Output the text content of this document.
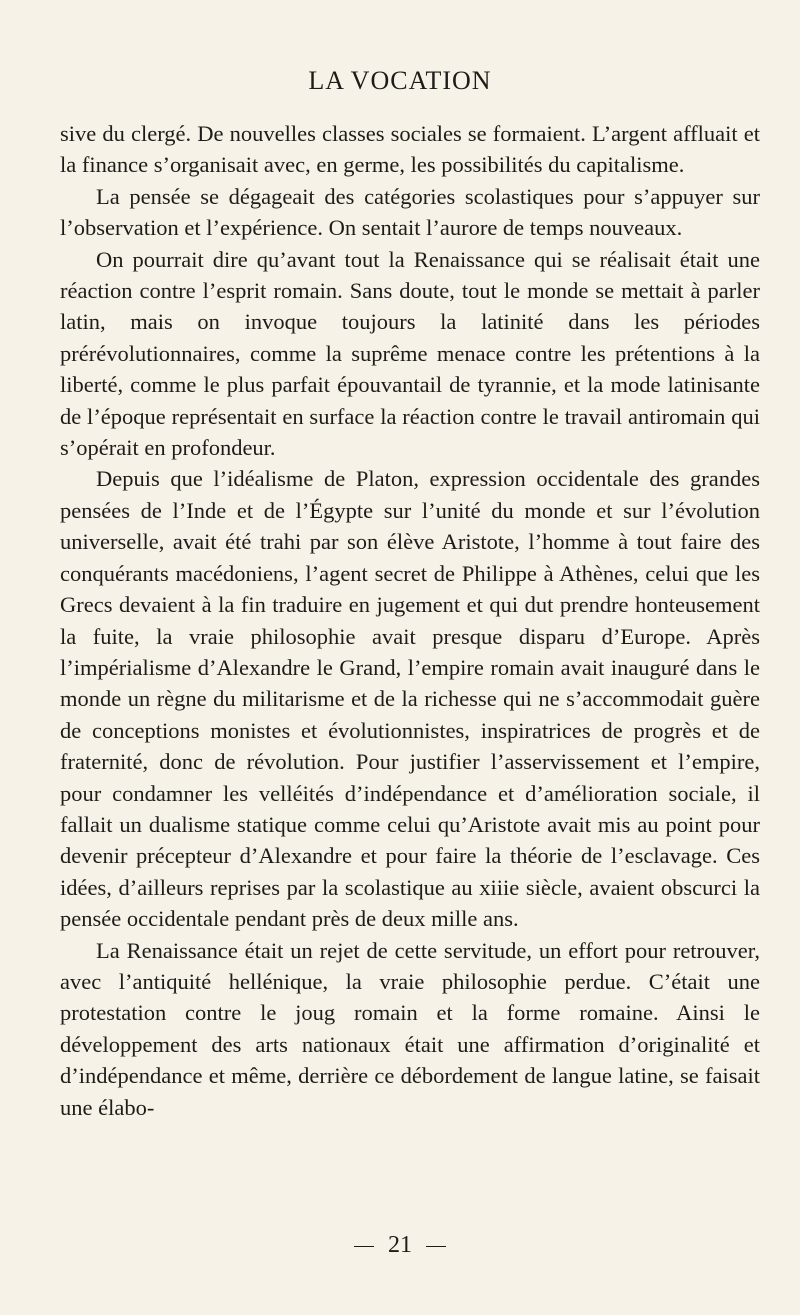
LA VOCATION

sive du clergé. De nouvelles classes sociales se formaient. L’argent affluait et la finance s’organisait avec, en germe, les possibilités du capitalisme.

La pensée se dégageait des catégories scolastiques pour s’appuyer sur l’observation et l’expérience. On sentait l’aurore de temps nouveaux.

On pourrait dire qu’avant tout la Renaissance qui se réalisait était une réaction contre l’esprit romain. Sans doute, tout le monde se mettait à parler latin, mais on invoque toujours la latinité dans les périodes prérévolutionnaires, comme la suprême menace contre les prétentions à la liberté, comme le plus parfait épouvantail de tyrannie, et la mode latinisante de l’époque représentait en surface la réaction contre le travail antiromain qui s’opérait en profondeur.

Depuis que l’idéalisme de Platon, expression occidentale des grandes pensées de l’Inde et de l’Égypte sur l’unité du monde et sur l’évolution universelle, avait été trahi par son élève Aristote, l’homme à tout faire des conquérants macédoniens, l’agent secret de Philippe à Athènes, celui que les Grecs devaient à la fin traduire en jugement et qui dut prendre honteusement la fuite, la vraie philosophie avait presque disparu d’Europe. Après l’impérialisme d’Alexandre le Grand, l’empire romain avait inauguré dans le monde un règne du militarisme et de la richesse qui ne s’accommodait guère de conceptions monistes et évolutionnistes, inspiratrices de progrès et de fraternité, donc de révolution. Pour justifier l’asservissement et l’empire, pour condamner les velléités d’indépendance et d’amélioration sociale, il fallait un dualisme statique comme celui qu’Aristote avait mis au point pour devenir précepteur d’Alexandre et pour faire la théorie de l’esclavage. Ces idées, d’ailleurs reprises par la scolastique au xiiie siècle, avaient obscurci la pensée occidentale pendant près de deux mille ans.

La Renaissance était un rejet de cette servitude, un effort pour retrouver, avec l’antiquité hellénique, la vraie philosophie perdue. C’était une protestation contre le joug romain et la forme romaine. Ainsi le développement des arts nationaux était une affirmation d’originalité et d’indépendance et même, derrière ce débordement de langue latine, se faisait une élabo-

21
